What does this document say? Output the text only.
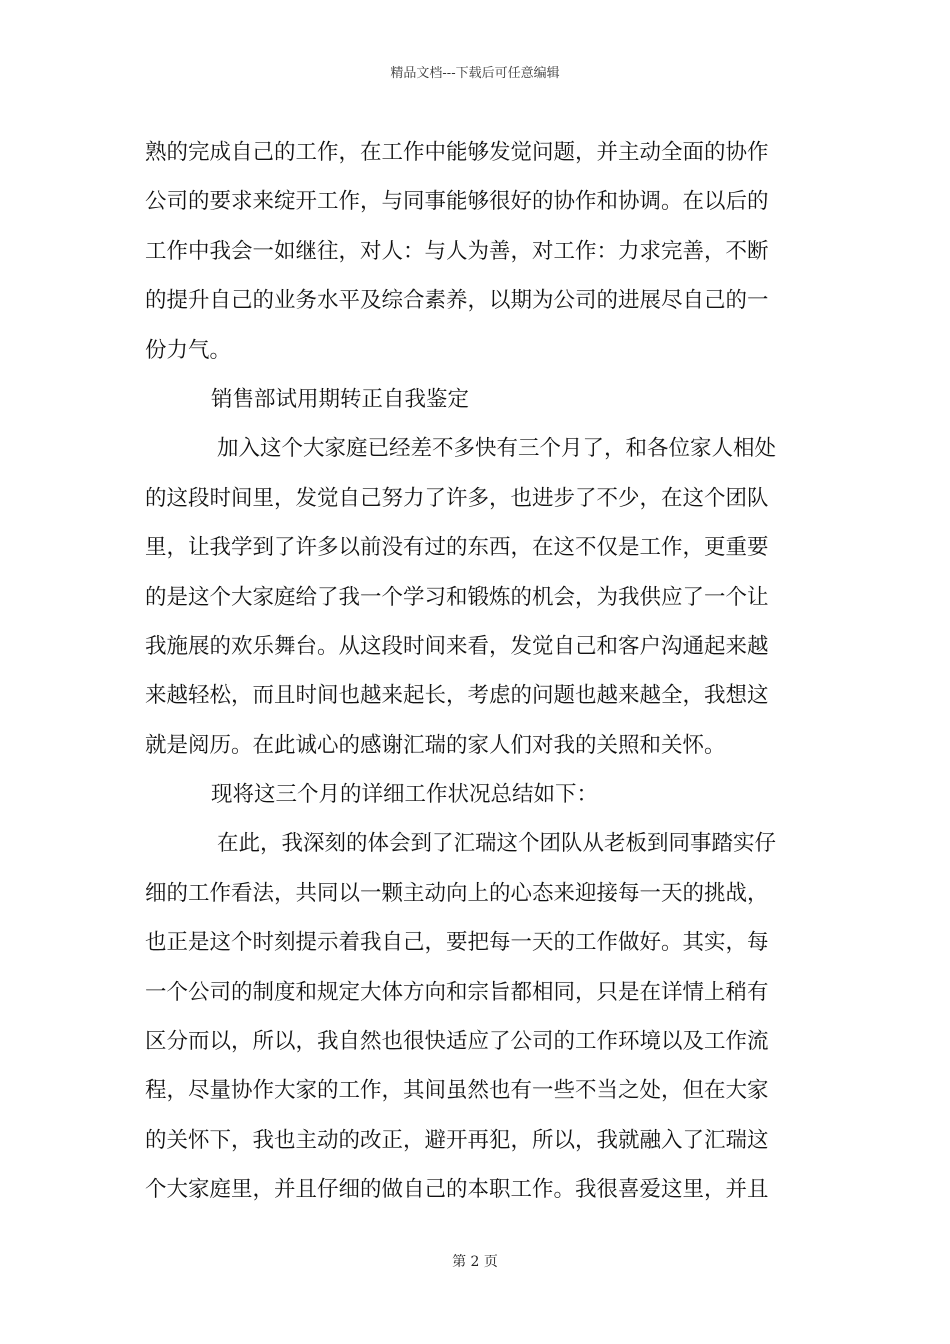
精品文档---下载后可任意编辑
熟的完成自己的工作，在工作中能够发觉问题，并主动全面的协作
公司的要求来绽开工作，与同事能够很好的协作和协调。在以后的
工作中我会一如继往，对人：与人为善，对工作：力求完善，不断
的提升自己的业务水平及综合素养，以期为公司的进展尽自己的一
份力气。
销售部试用期转正自我鉴定
加入这个大家庭已经差不多快有三个月了，和各位家人相处
的这段时间里，发觉自己努力了许多，也进步了不少，在这个团队
里，让我学到了许多以前没有过的东西，在这不仅是工作，更重要
的是这个大家庭给了我一个学习和锻炼的机会，为我供应了一个让
我施展的欢乐舞台。从这段时间来看，发觉自己和客户沟通起来越
来越轻松，而且时间也越来起长，考虑的问题也越来越全，我想这
就是阅历。在此诚心的感谢汇瑞的家人们对我的关照和关怀。
现将这三个月的详细工作状况总结如下：
在此，我深刻的体会到了汇瑞这个团队从老板到同事踏实仔
细的工作看法，共同以一颗主动向上的心态来迎接每一天的挑战，
也正是这个时刻提示着我自己，要把每一天的工作做好。其实，每
一个公司的制度和规定大体方向和宗旨都相同，只是在详情上稍有
区分而以，所以，我自然也很快适应了公司的工作环境以及工作流
程，尽量协作大家的工作，其间虽然也有一些不当之处，但在大家
的关怀下，我也主动的改正，避开再犯，所以，我就融入了汇瑞这
个大家庭里，并且仔细的做自己的本职工作。我很喜爱这里，并且
第 2 页
